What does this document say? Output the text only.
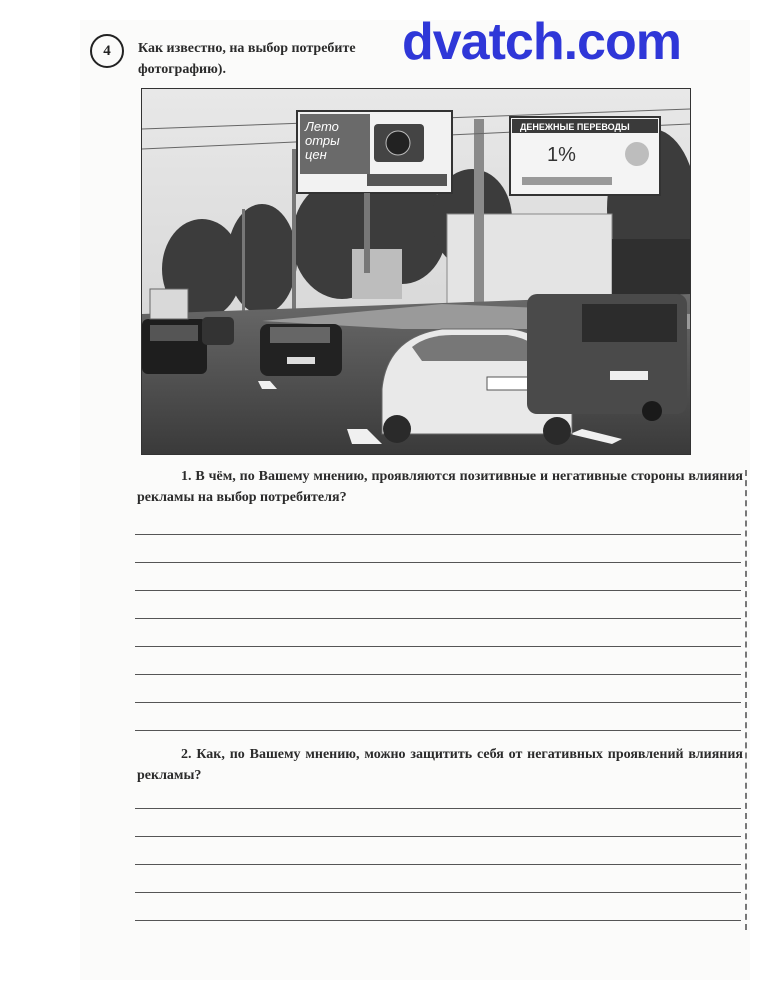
4 Как известно, на выбор потребите
фотографию).	dvatch.com
Лето
отры
цен
ДЕНЕЖНЫЕ ПЕРЕВОДЫ
1%
1. В чём, по Вашему мнению, проявляются позитивные и негативные стороны влияния рекламы на выбор потребителя?
2. Как, по Вашему мнению, можно защитить себя от негативных проявлений влияния рекламы?
